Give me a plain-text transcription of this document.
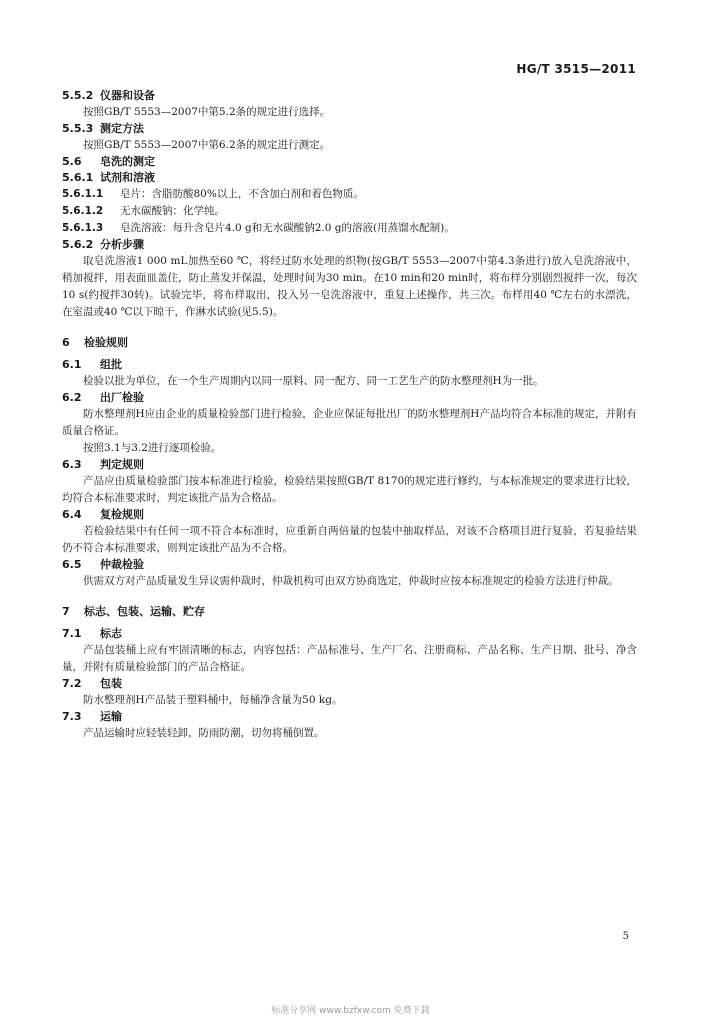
HG/T 3515—2011
5.5.2 仪器和设备

按照GB/T 5553—2007中第5.2条的规定进行选择。

5.5.3 测定方法

按照GB/T 5553—2007中第6.2条的规定进行测定。

5.6 皂洗的测定
5.6.1 试剂和溶液
5.6.1.1 皂片：含脂肪酸80%以上，不含加白剂和着色物质。
5.6.1.2 无水碳酸钠：化学纯。
5.6.1.3 皂洗溶液：每升含皂片4.0 g和无水碳酸钠2.0 g的溶液(用蒸馏水配制)。
5.6.2 分析步骤

取皂洗溶液1 000 mL加热至60 ℃，将经过防水处理的织物(按GB/T 5553—2007中第4.3条进行)放入皂洗溶液中，稍加搅拌，用表面皿盖住，防止蒸发并保温，处理时间为30 min。在10 min和20 min时，将布样分别剧烈搅拌一次，每次10 s(约搅拌30转)。试验完毕，将布样取出，投入另一皂洗溶液中，重复上述操作，共三次。布样用40 ℃左右的水漂洗，在室温或40 ℃以下晾干，作淋水试验(见5.5)。

6 检验规则
6.1 组批

检验以批为单位，在一个生产周期内以同一原料、同一配方、同一工艺生产的防水整理剂H为一批。

6.2 出厂检验

防水整理剂H应由企业的质量检验部门进行检验，企业应保证每批出厂的防水整理剂H产品均符合本标准的规定，并附有质量合格证。

按照3.1与3.2进行逐项检验。

6.3 判定规则

产品应由质量检验部门按本标准进行检验，检验结果按照GB/T 8170的规定进行修约，与本标准规定的要求进行比较，均符合本标准要求时，判定该批产品为合格品。

6.4 复检规则

若检验结果中有任何一项不符合本标准时，应重新自两倍量的包装中抽取样品，对该不合格项目进行复验，若复验结果仍不符合本标准要求，则判定该批产品为不合格。

6.5 仲裁检验

供需双方对产品质量发生异议需仲裁时，仲裁机构可由双方协商选定，仲裁时应按本标准规定的检验方法进行仲裁。

7 标志、包装、运输、贮存
7.1 标志

产品包装桶上应有牢固清晰的标志，内容包括：产品标准号、生产厂名、注册商标、产品名称、生产日期、批号、净含量，并附有质量检验部门的产品合格证。

7.2 包装

防水整理剂H产品装于塑料桶中，每桶净含量为50 kg。

7.3 运输

产品运输时应轻装轻卸，防雨防潮，切勿将桶倒置。

5
标准分享网 www.bzfxw.com 免费下载
